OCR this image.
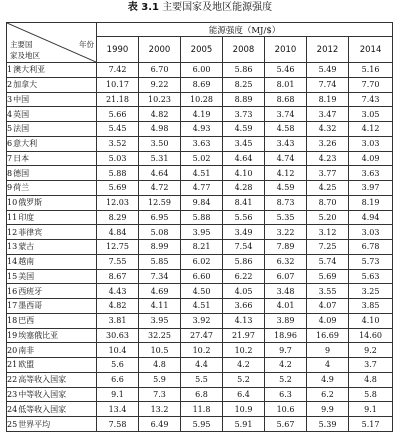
表 3.1 主要国家及地区能源强度
主要国 年份
家及地区	能源强度（MJ/$）						
	1990	2000	2005	2008	2010	2012	2014
1澳大利亚	7.42	6.70	6.00	5.86	5.46	5.49	5.16
2加拿大	10.17	9.22	8.69	8.25	8.01	7.74	7.70
3中国	21.18	10.23	10.28	8.89	8.68	8.19	7.43
4英国	5.66	4.82	4.19	3.73	3.74	3.47	3.05
5法国	5.45	4.98	4.93	4.59	4.58	4.32	4.12
6意大利	3.52	3.50	3.63	3.45	3.43	3.26	3.03
7日本	5.03	5.31	5.02	4.64	4.74	4.23	4.09
8德国	5.88	4.64	4.51	4.10	4.12	3.77	3.63
9荷兰	5.69	4.72	4.77	4.28	4.59	4.25	3.97
10俄罗斯	12.03	12.59	9.84	8.41	8.73	8.70	8.19
11印度	8.29	6.95	5.88	5.56	5.35	5.20	4.94
12菲律宾	4.84	5.08	3.95	3.49	3.22	3.12	3.03
13蒙古	12.75	8.99	8.21	7.54	7.89	7.25	6.78
14越南	7.55	5.85	6.02	5.86	6.32	5.74	5.73
15美国	8.67	7.34	6.60	6.22	6.07	5.69	5.63
16西班牙	4.43	4.69	4.50	4.05	3.48	3.55	3.25
17墨西哥	4.82	4.11	4.51	3.66	4.01	4.07	3.85
18巴西	3.81	3.95	3.92	4.13	3.89	4.09	4.10
19埃塞俄比亚	30.63	32.25	27.47	21.97	18.96	16.69	14.60
20南非	10.4	10.5	10.2	10.2	9.7	9	9.2
21欧盟	5.6	4.8	4.4	4.2	4.2	4	3.7
22高等收入国家	6.6	5.9	5.5	5.2	5.2	4.9	4.8
23中等收入国家	9.1	7.3	6.8	6.4	6.3	6.2	5.8
24低等收入国家	13.4	13.2	11.8	10.9	10.6	9.9	9.1
25世界平均	7.58	6.49	5.95	5.91	5.67	5.39	5.17
